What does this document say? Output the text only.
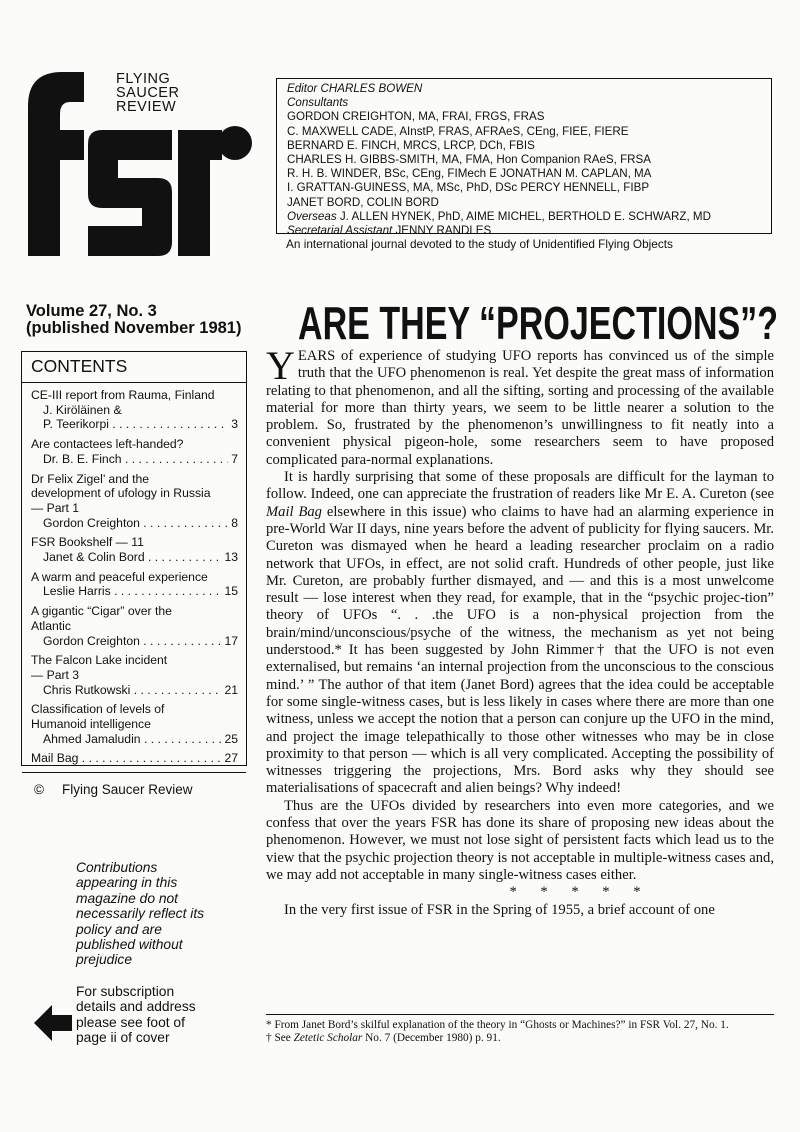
FLYING
SAUCER
REVIEW
Editor CHARLES BOWEN
Consultants
GORDON CREIGHTON, MA, FRAI, FRGS, FRAS
C. MAXWELL CADE, AInstP, FRAS, AFRAeS, CEng, FIEE, FIERE
BERNARD E. FINCH, MRCS, LRCP, DCh, FBIS
CHARLES H. GIBBS-SMITH, MA, FMA, Hon Companion RAeS, FRSA
R. H. B. WINDER, BSc, CEng, FIMech E JONATHAN M. CAPLAN, MA
I. GRATTAN-GUINESS, MA, MSc, PhD, DSc PERCY HENNELL, FIBP
JANET BORD, COLIN BORD
Overseas J. ALLEN HYNEK, PhD, AIME MICHEL, BERTHOLD E. SCHWARZ, MD
Secretarial Assistant JENNY RANDLES
An international journal devoted to the study of Unidentified Flying Objects
Volume 27, No. 3
(published November 1981) ARE THEY “PROJECTIONS”?
CONTENTS
CE-III report from Rauma, Finland
J. Kiröläinen &
P. Teerikorpi . . .	3
Are contactees left-handed?
Dr. B. E. Finch . . .	7
Dr Felix Zigel’ and the
development of ufology in Russia
— Part 1
Gordon Creighton . . .	8
FSR Bookshelf — 11
Janet & Colin Bord . . .	13
A warm and peaceful experience
Leslie Harris . . .	15
A gigantic “Cigar” over the
Atlantic
Gordon Creighton . . .	17
The Falcon Lake incident
— Part 3
Chris Rutkowski . . .	21
Classification of levels of
Humanoid intelligence
Ahmed Jamaludin . . .	25
Mail Bag . . .	27
© Flying Saucer Review
Contributions
appearing in this
magazine do not
necessarily reflect its
policy and are
published without
prejudice
For subscription
details and address
please see foot of
page ii of cover

YEARS of experience of studying UFO reports has convinced us of the simple truth that the UFO phenomenon is real. Yet despite the great mass of information relating to that phenomenon, and all the sifting, sorting and processing of the available material for more than thirty years, we seem to be little nearer a solution to the problem. So, frustrated by the phenomenon’s unwillingness to fit neatly into a convenient physical pigeon-hole, some researchers seem to have proposed complicated para-normal explanations.

It is hardly surprising that some of these proposals are difficult for the layman to follow. Indeed, one can appreciate the frustration of readers like Mr E. A. Cureton (see Mail Bag elsewhere in this issue) who claims to have had an alarming experience in pre-World War II days, nine years before the advent of publicity for flying saucers. Mr. Cureton was dismayed when he heard a leading researcher proclaim on a radio network that UFOs, in effect, are not solid craft. Hundreds of other people, just like Mr. Cureton, are probably further dismayed, and — and this is a most unwelcome result — lose interest when they read, for example, that in the “psychic projec-tion” theory of UFOs “. . .the UFO is a non-physical projection from the brain/mind/unconscious/psyche of the witness, the mechanism as yet not being understood.* It has been suggested by John Rimmer† that the UFO is not even externalised, but remains ‘an internal projection from the unconscious to the conscious mind.’ ” The author of that item (Janet Bord) agrees that the idea could be acceptable for some single-witness cases, but is less likely in cases where there are more than one witness, unless we accept the notion that a person can conjure up the UFO in the mind, and project the image telepathically to those other witnesses who may be in close proximity to that person — which is all very complicated. Accepting the possibility of witnesses triggering the projections, Mrs. Bord asks why they should see materialisations of spacecraft and alien beings? Why indeed!

Thus are the UFOs divided by researchers into even more categories, and we confess that over the years FSR has done its share of proposing new ideas about the phenomenon. However, we must not lose sight of persistent facts which lead us to the view that the psychic projection theory is not acceptable in multiple-witness cases and, we may add not acceptable in many single-witness cases either.

* * * * *

In the very first issue of FSR in the Spring of 1955, a brief account of one

* From Janet Bord’s skilful explanation of the theory in “Ghosts or Machines?” in FSR Vol. 27, No. 1.
† See Zetetic Scholar No. 7 (December 1980) p. 91.
